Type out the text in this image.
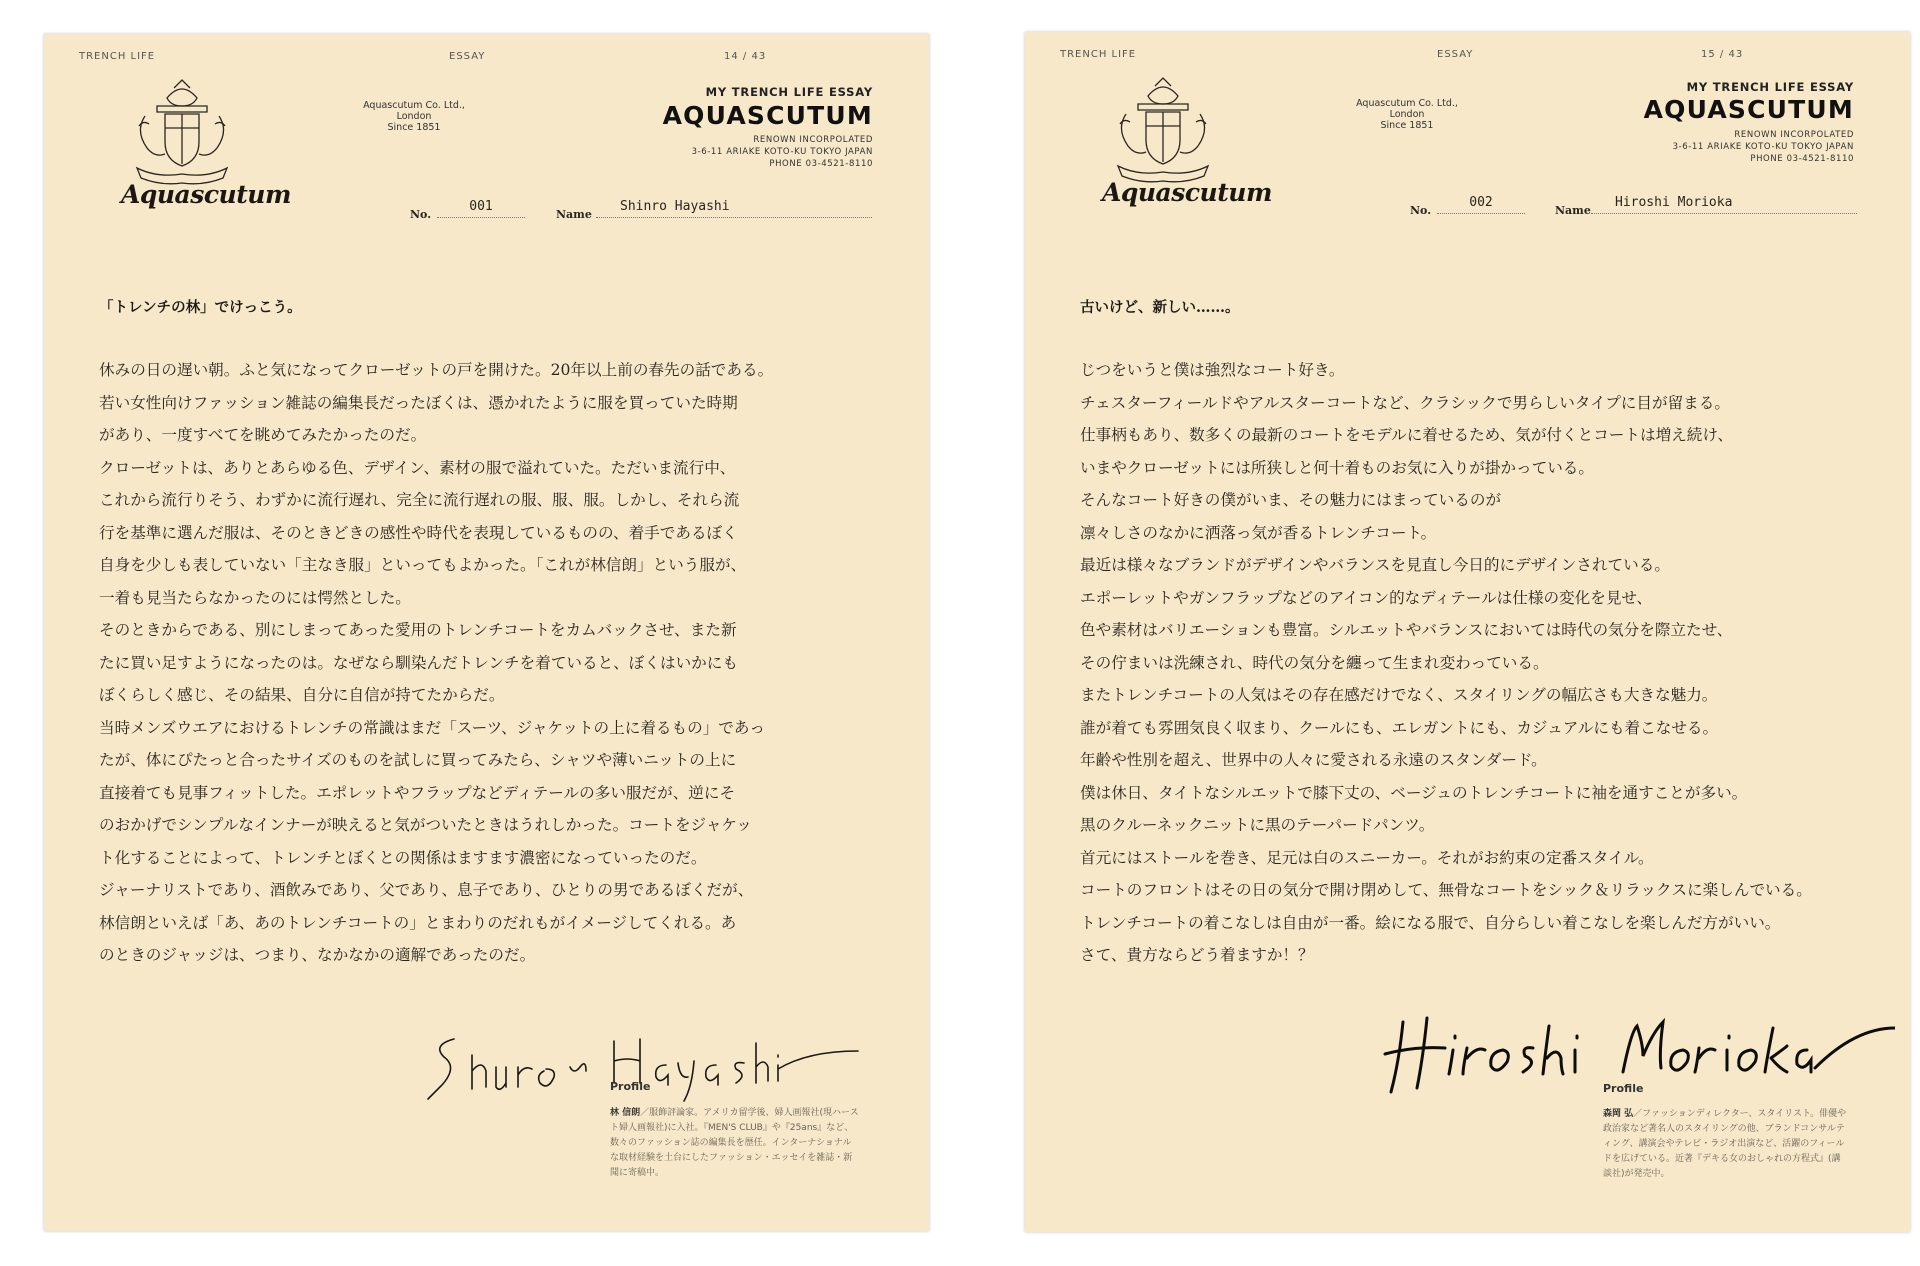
TRENCH LIFE	ESSAY	14 / 43
Aquascutum
Aquascutum Co. Ltd.,
London
Since 1851
MY TRENCH LIFE ESSAY
AQUASCUTUM
RENOWN INCORPOLATED
3-6-11 ARIAKE KOTO-KU TOKYO JAPAN
PHONE 03-4521-8110
No.
001
Name
Shinro Hayashi
「トレンチの林」でけっこう。

休みの日の遅い朝。ふと気になってクローゼットの戸を開けた。20年以上前の春先の話である。

若い女性向けファッション雑誌の編集長だったぼくは、憑かれたように服を買っていた時期

があり、一度すべてを眺めてみたかったのだ。

クローゼットは、ありとあらゆる色、デザイン、素材の服で溢れていた。ただいま流行中、

これから流行りそう、わずかに流行遅れ、完全に流行遅れの服、服、服。しかし、それら流

行を基準に選んだ服は、そのときどきの感性や時代を表現しているものの、着手であるぼく

自身を少しも表していない「主なき服」といってもよかった。「これが林信朗」という服が、

一着も見当たらなかったのには愕然とした。

そのときからである、別にしまってあった愛用のトレンチコートをカムバックさせ、また新

たに買い足すようになったのは。なぜなら馴染んだトレンチを着ていると、ぼくはいかにも

ぼくらしく感じ、その結果、自分に自信が持てたからだ。

当時メンズウエアにおけるトレンチの常識はまだ「スーツ、ジャケットの上に着るもの」であっ

たが、体にぴたっと合ったサイズのものを試しに買ってみたら、シャツや薄いニットの上に

直接着ても見事フィットした。エポレットやフラップなどディテールの多い服だが、逆にそ

のおかげでシンプルなインナーが映えると気がついたときはうれしかった。コートをジャケッ

ト化することによって、トレンチとぼくとの関係はますます濃密になっていったのだ。

ジャーナリストであり、酒飲みであり、父であり、息子であり、ひとりの男であるぼくだが、

林信朗といえば「あ、あのトレンチコートの」とまわりのだれもがイメージしてくれる。あ

のときのジャッジは、つまり、なかなかの適解であったのだ。

Profile
林 信朗／服飾評論家。アメリカ留学後、婦人画報社(現ハースト婦人画報社)に入社。『MEN'S CLUB』や『25ans』など、数々のファッション誌の編集長を歴任。インターナショナルな取材経験を土台にしたファッション・エッセイを雑誌・新聞に寄稿中。
TRENCH LIFE	ESSAY	15 / 43
Aquascutum
Aquascutum Co. Ltd.,
London
Since 1851
MY TRENCH LIFE ESSAY
AQUASCUTUM
RENOWN INCORPOLATED
3-6-11 ARIAKE KOTO-KU TOKYO JAPAN
PHONE 03-4521-8110
No.
002
Name
Hiroshi Morioka
古いけど、新しい……。

じつをいうと僕は強烈なコート好き。

チェスターフィールドやアルスターコートなど、クラシックで男らしいタイプに目が留まる。

仕事柄もあり、数多くの最新のコートをモデルに着せるため、気が付くとコートは増え続け、

いまやクローゼットには所狭しと何十着ものお気に入りが掛かっている。

そんなコート好きの僕がいま、その魅力にはまっているのが

凛々しさのなかに洒落っ気が香るトレンチコート。

最近は様々なブランドがデザインやバランスを見直し今日的にデザインされている。

エポーレットやガンフラップなどのアイコン的なディテールは仕様の変化を見せ、

色や素材はバリエーションも豊富。シルエットやバランスにおいては時代の気分を際立たせ、

その佇まいは洗練され、時代の気分を纏って生まれ変わっている。

またトレンチコートの人気はその存在感だけでなく、スタイリングの幅広さも大きな魅力。

誰が着ても雰囲気良く収まり、クールにも、エレガントにも、カジュアルにも着こなせる。

年齢や性別を超え、世界中の人々に愛される永遠のスタンダード。

僕は休日、タイトなシルエットで膝下丈の、ベージュのトレンチコートに袖を通すことが多い。

黒のクルーネックニットに黒のテーパードパンツ。

首元にはストールを巻き、足元は白のスニーカー。それがお約束の定番スタイル。

コートのフロントはその日の気分で開け閉めして、無骨なコートをシック＆リラックスに楽しんでいる。

トレンチコートの着こなしは自由が一番。絵になる服で、自分らしい着こなしを楽しんだ方がいい。

さて、貴方ならどう着ますか！？

Profile
森岡 弘／ファッションディレクター、スタイリスト。俳優や政治家など著名人のスタイリングの他、ブランドコンサルティング、講演会やテレビ・ラジオ出演など、活躍のフィールドを広げている。近著『デキる女のおしゃれの方程式』(講談社)が発売中。
